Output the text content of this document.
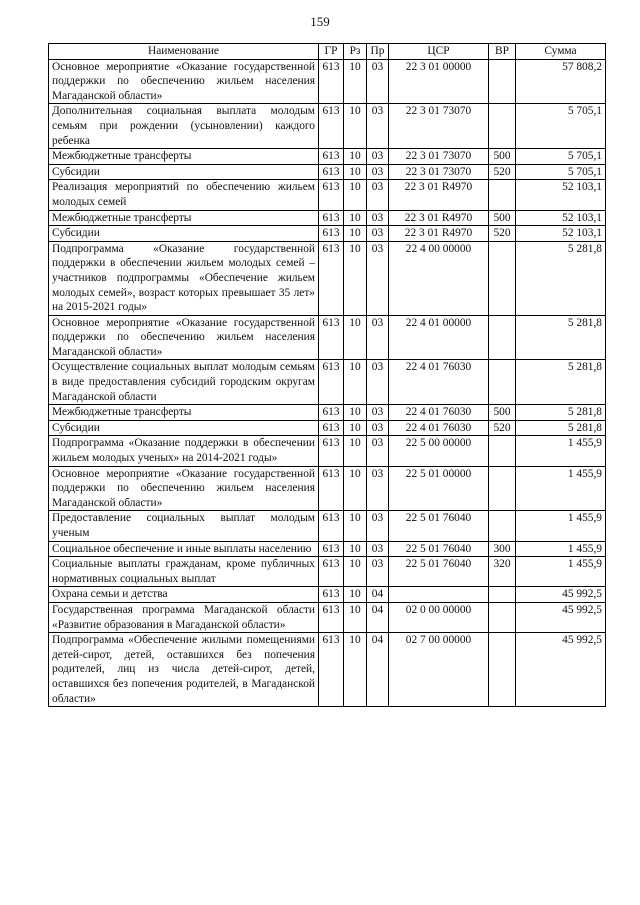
159
Наименование	ГР	Рз	Пр	ЦСР	ВР	Сумма
Основное мероприятие «Оказание государственной поддержки по обеспечению жильем населения Магаданской области»	613	10	03	22 3 01 00000		57 808,2
Дополнительная социальная выплата молодым семьям при рождении (усыновлении) каждого ребенка	613	10	03	22 3 01 73070		5 705,1
Межбюджетные трансферты	613	10	03	22 3 01 73070	500	5 705,1
Субсидии	613	10	03	22 3 01 73070	520	5 705,1
Реализация мероприятий по обеспечению жильем молодых семей	613	10	03	22 3 01 R4970		52 103,1
Межбюджетные трансферты	613	10	03	22 3 01 R4970	500	52 103,1
Субсидии	613	10	03	22 3 01 R4970	520	52 103,1
Подпрограмма «Оказание государственной поддержки в обеспечении жильем молодых семей – участников подпрограммы «Обеспечение жильем молодых семей», возраст которых превышает 35 лет» на 2015-2021 годы»	613	10	03	22 4 00 00000		5 281,8
Основное мероприятие «Оказание государственной поддержки по обеспечению жильем населения Магаданской области»	613	10	03	22 4 01 00000		5 281,8
Осуществление социальных выплат молодым семьям в виде предоставления субсидий городским округам Магаданской области	613	10	03	22 4 01 76030		5 281,8
Межбюджетные трансферты	613	10	03	22 4 01 76030	500	5 281,8
Субсидии	613	10	03	22 4 01 76030	520	5 281,8
Подпрограмма «Оказание поддержки в обеспечении жильем молодых ученых» на 2014-2021 годы»	613	10	03	22 5 00 00000		1 455,9
Основное мероприятие «Оказание государственной поддержки по обеспечению жильем населения Магаданской области»	613	10	03	22 5 01 00000		1 455,9
Предоставление социальных выплат молодым ученым	613	10	03	22 5 01 76040		1 455,9
Социальное обеспечение и иные выплаты населению	613	10	03	22 5 01 76040	300	1 455,9
Социальные выплаты гражданам, кроме публичных нормативных социальных выплат	613	10	03	22 5 01 76040	320	1 455,9
Охрана семьи и детства	613	10	04			45 992,5
Государственная программа Магаданской области «Развитие образования в Магаданской области»	613	10	04	02 0 00 00000		45 992,5
Подпрограмма «Обеспечение жилыми помещениями детей-сирот, детей, оставшихся без попечения родителей, лиц из числа детей-сирот, детей, оставшихся без попечения родителей, в Магаданской области»	613	10	04	02 7 00 00000		45 992,5
